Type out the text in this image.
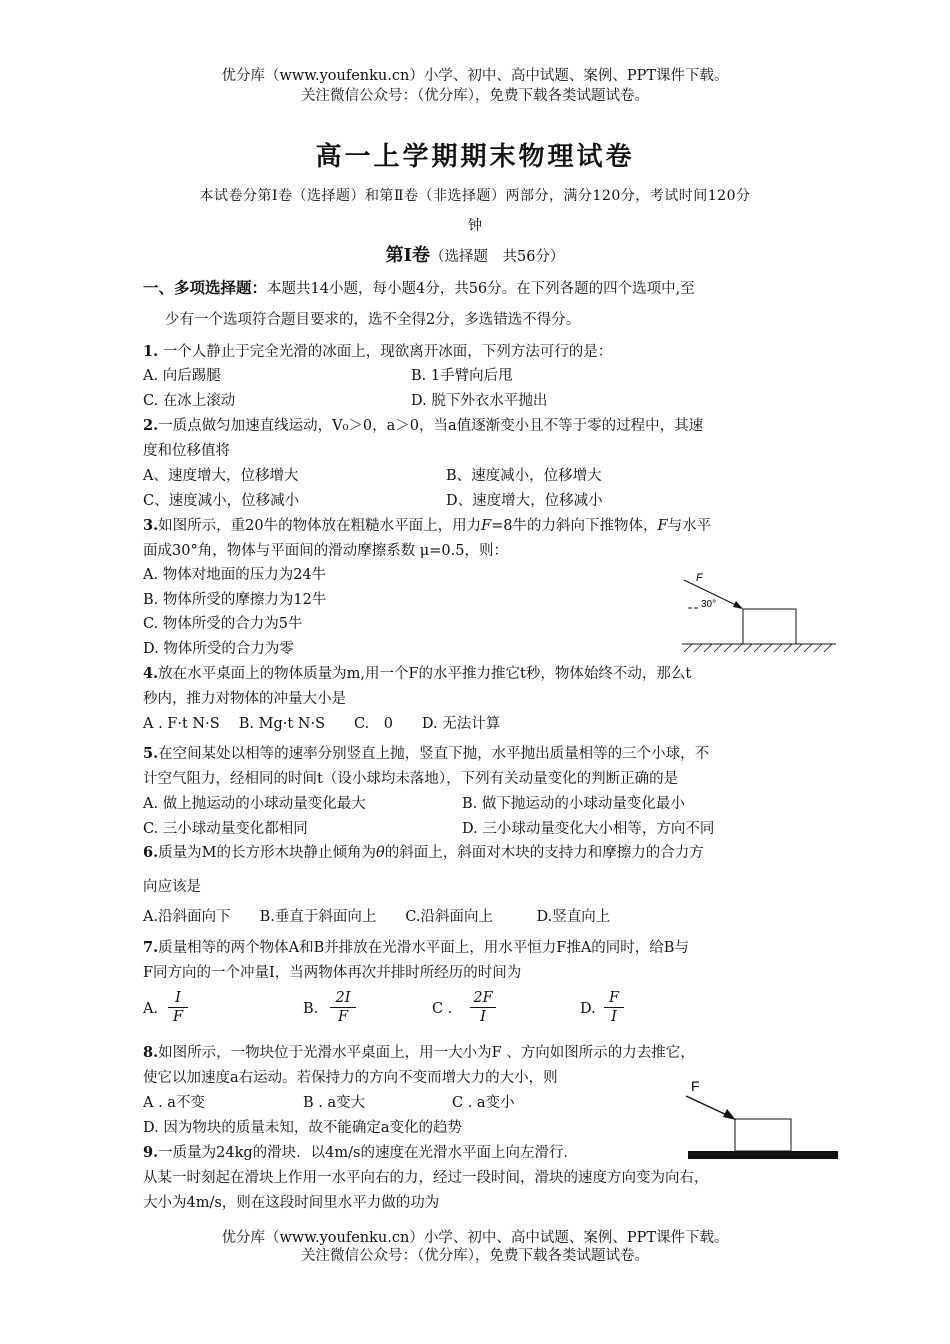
优分库（www.youfenku.cn）小学、初中、高中试题、案例、PPT课件下载。
关注微信公众号：（优分库），免费下载各类试题试卷。
高一上学期期末物理试卷
本试卷分第Ⅰ卷（选择题）和第Ⅱ卷（非选择题）两部分，满分120分，考试时间120分
钟
第Ⅰ卷（选择题　共56分）
一、多项选择题：本题共14小题，每小题4分，共56分。在下列各题的四个选项中,至
少有一个选项符合题目要求的，选不全得2分，多选错选不得分。
1. 一个人静止于完全光滑的冰面上，现欲离开冰面，下列方法可行的是：
A. 向后踢腿	B. 1手臂向后甩
C. 在冰上滚动	D. 脱下外衣水平抛出
2.一质点做匀加速直线运动，V₀＞0，a＞0，当a值逐渐变小且不等于零的过程中，其速
度和位移值将
A、速度增大，位移增大	B、速度减小，位移增大
C、速度减小，位移减小	D、速度增大，位移减小
3.如图所示，重20牛的物体放在粗糙水平面上，用力F=8牛的力斜向下推物体，F与水平
面成30°角，物体与平面间的滑动摩擦系数 μ=0.5，则：
A. 物体对地面的压力为24牛
B. 物体所受的摩擦力为12牛
C. 物体所受的合力为5牛
D. 物体所受的合力为零
F
30°
4.放在水平桌面上的物体质量为m,用一个F的水平推力推它t秒，物体始终不动，那么t
秒内，推力对物体的冲量大小是
A . F·t N·S　 B. Mg·t N·S　　C.　0　　D. 无法计算
5.在空间某处以相等的速率分别竖直上抛，竖直下抛，水平抛出质量相等的三个小球，不
计空气阻力，经相同的时间t（设小球均未落地），下列有关动量变化的判断正确的是
A. 做上抛运动的小球动量变化最大	B. 做下抛运动的小球动量变化最小
C. 三小球动量变化都相同	D. 三小球动量变化大小相等，方向不同
6.质量为M的长方形木块静止倾角为θ的斜面上，斜面对木块的支持力和摩擦力的合力方
向应该是
A.沿斜面向下　　B.垂直于斜面向上　　C.沿斜面向上　　　D.竖直向上
7.质量相等的两个物体A和B并排放在光滑水平面上，用水平恒力F推A的同时，给B与
F同方向的一个冲量I，当两物体再次并排时所经历的时间为
A. $\frac{I}{F}$	B. $\frac{2I}{F}$	C . $\frac{2F}{I}$	D. $\frac{F}{I}$
8.如图所示，一物块位于光滑水平桌面上，用一大小为F 、方向如图所示的力去推它，
使它以加速度a右运动。若保持力的方向不变而增大力的大小，则
A . a不变	B . a变大	C . a变小
D. 因为物块的质量未知，故不能确定a变化的趋势
F
9.一质量为24kg的滑块．以4m/s的速度在光滑水平面上向左滑行．
从某一时刻起在滑块上作用一水平向右的力，经过一段时间，滑块的速度方向变为向右，
大小为4m/s，则在这段时间里水平力做的功为
优分库（www.youfenku.cn）小学、初中、高中试题、案例、PPT课件下载。
关注微信公众号：（优分库），免费下载各类试题试卷。
